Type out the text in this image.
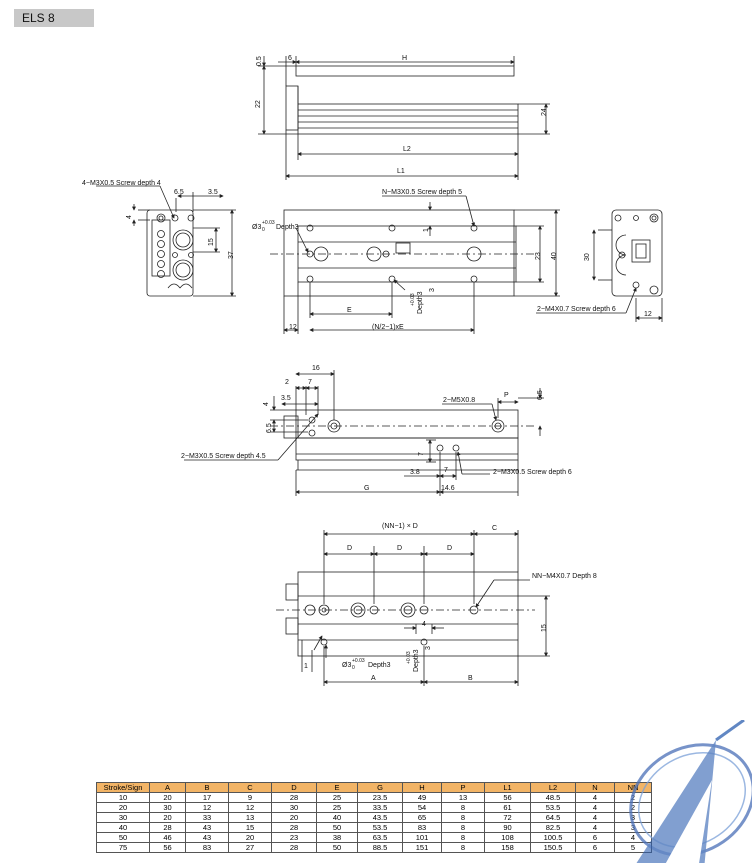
ELS 8
0.5	6	H
22
24
L2
L1
4−M3X0.5 Screw depth 4
6.5	3.5
4
15
37
N−M3X0.5 Screw depth 5
1
Ø3
+0.03
0 Depth3
3
+0.03 Depth3
23 40
E
12	(N/2−1)xE
30
2−M4X0.7 Screw depth 6
12
16
2	7
3.5
4
6.5
6.5
2−M5X0.8
P
2−M3X0.5 Screw depth 4.5	7
3.8	7	2−M3X0.5 Screw depth 6
G	14.6
(NN−1) × D	C
D	D	D
NN−M4X0.7 Depth 8
15
4
3
+0.03 Depth3
Ø3
+0.03
0 Depth3
1
A	B
Stroke/Sign	A	B	C	D	E	G	H	P	L1	L2	N	NN
10	20	17	9	28	25	23.5	49	13	56	48.5	4	2
20	30	12	12	30	25	33.5	54	8	61	53.5	4	2
30	20	33	13	20	40	43.5	65	8	72	64.5	4	3
40	28	43	15	28	50	53.5	83	8	90	82.5	4	3
50	46	43	20	23	38	63.5	101	8	108	100.5	6	4
75	56	83	27	28	50	88.5	151	8	158	150.5	6	5
